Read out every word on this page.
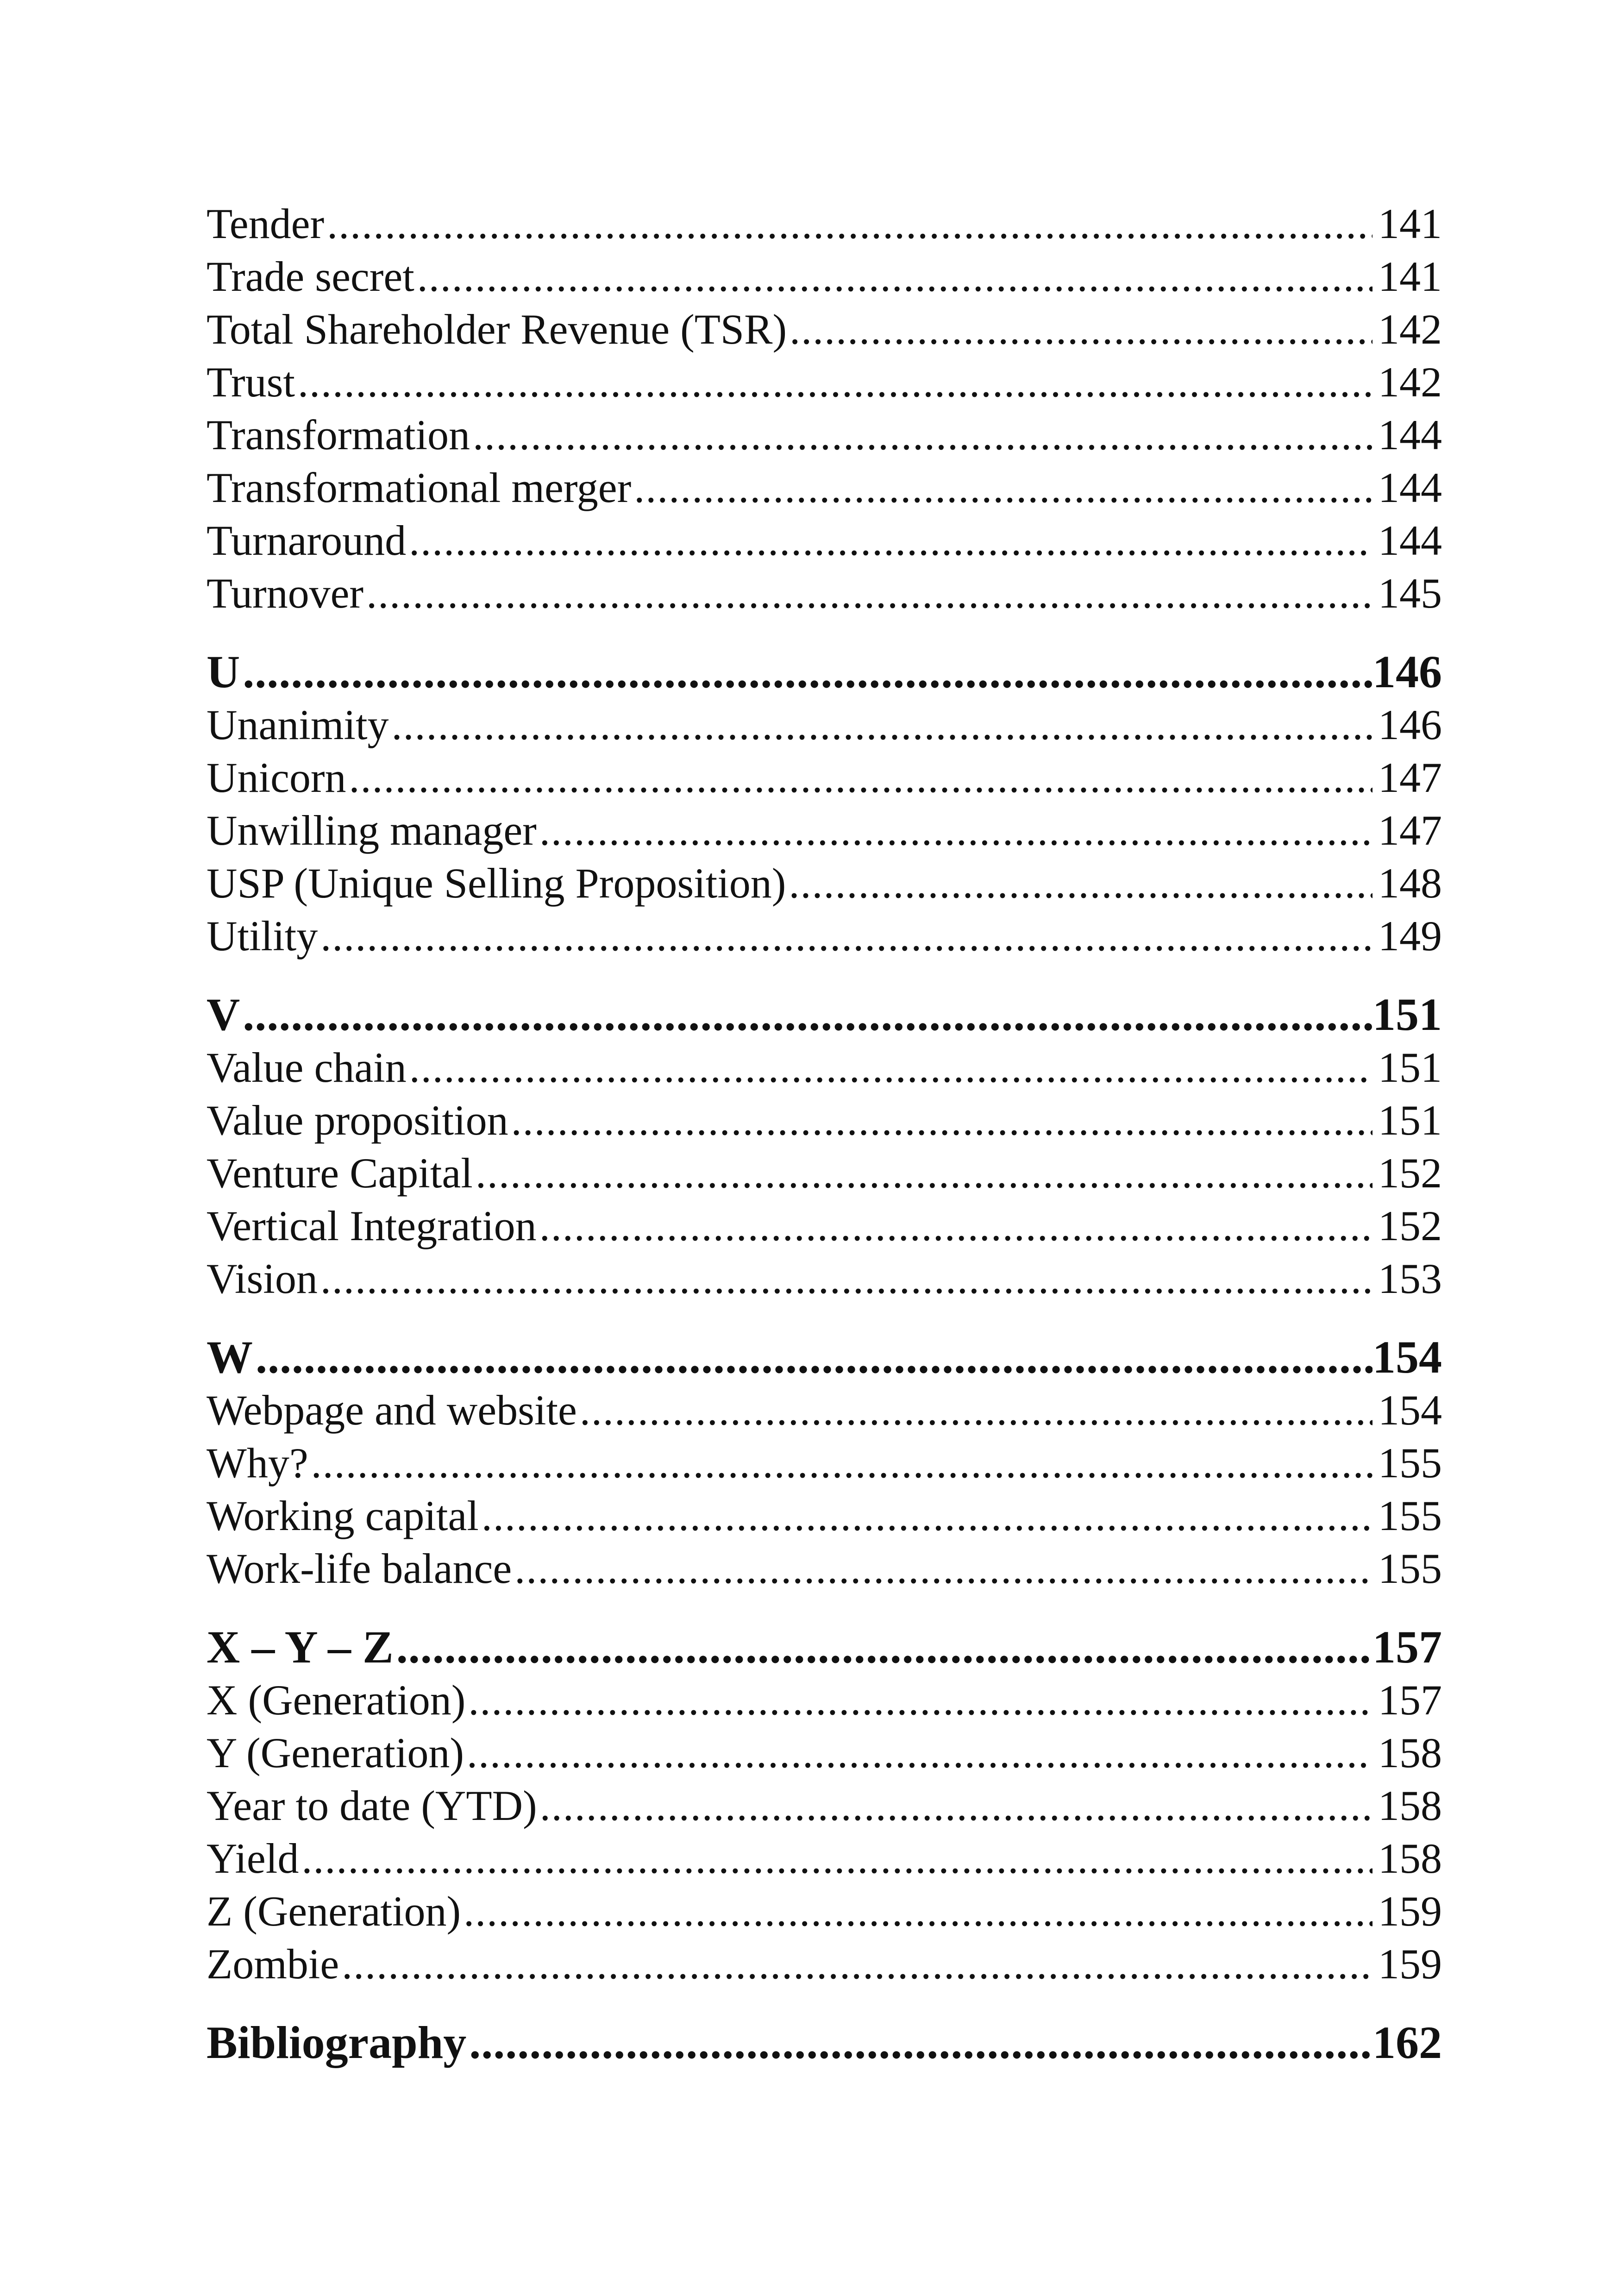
Tender .....	141
Trade secret .....	141
Total Shareholder Revenue (TSR) .....	142
Trust .....	142
Transformation .....	144
Transformational merger .....	144
Turnaround .....	144
Turnover .....	145
U .....	146
Unanimity .....	146
Unicorn .....	147
Unwilling manager .....	147
USP (Unique Selling Proposition) .....	148
Utility .....	149
V .....	151
Value chain .....	151
Value proposition .....	151
Venture Capital .....	152
Vertical Integration .....	152
Vision .....	153
W .....	154
Webpage and website .....	154
Why? .....	155
Working capital .....	155
Work-life balance .....	155
X – Y – Z .....	157
X (Generation) .....	157
Y (Generation) .....	158
Year to date (YTD) .....	158
Yield .....	158
Z (Generation) .....	159
Zombie .....	159
Bibliography .....	162
